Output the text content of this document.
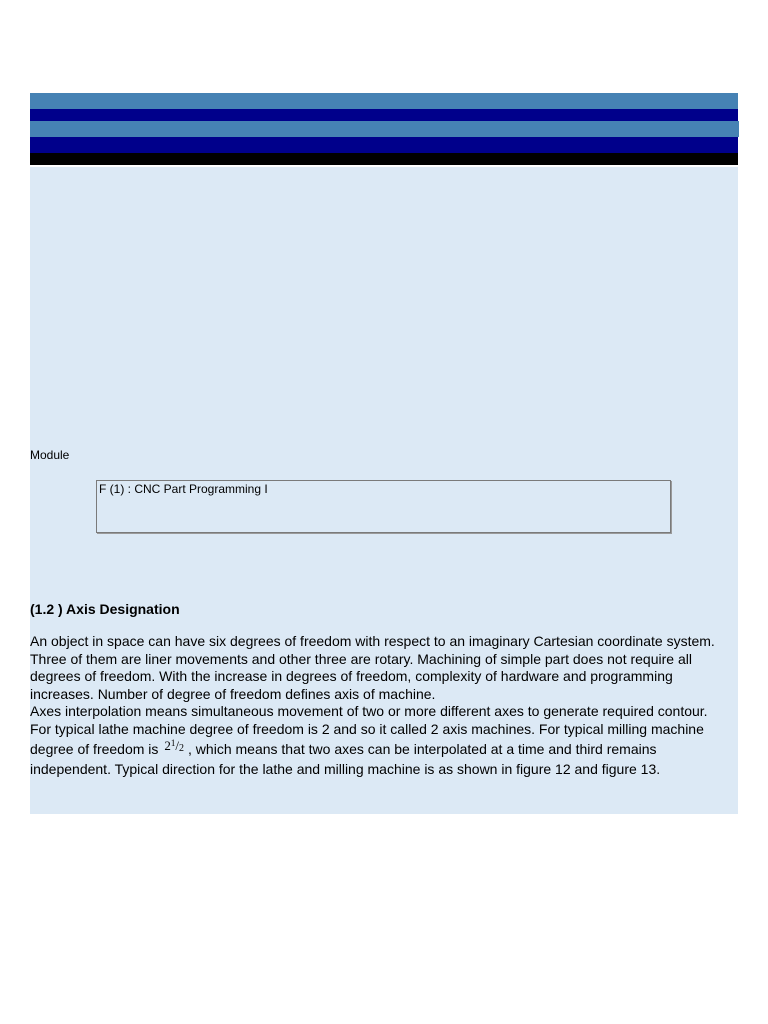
Module
F (1) : CNC Part Programming I
(1.2 ) Axis Designation

An object in space can have six degrees of freedom with respect to an imaginary Cartesian coordinate system. Three of them are liner movements and other three are rotary. Machining of simple part does not require all degrees of freedom. With the increase in degrees of freedom, complexity of hardware and programming increases. Number of degree of freedom defines axis of machine.

Axes interpolation means simultaneous movement of two or more different axes to generate required contour.

For typical lathe machine degree of freedom is 2 and so it called 2 axis machines. For typical milling machine degree of freedom is $2^1/_2$ , which means that two axes can be interpolated at a time and third remains independent. Typical direction for the lathe and milling machine is as shown in figure 12 and figure 13.
